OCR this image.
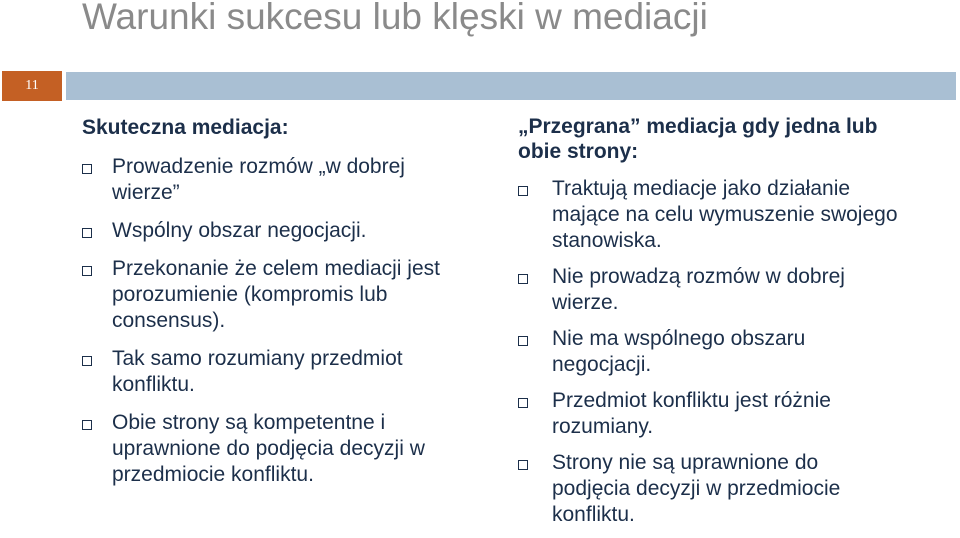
Warunki sukcesu lub klęski w mediacji
11
Skuteczna mediacja:
Prowadzenie rozmów „w dobrej wierze”
Wspólny obszar negocjacji.
Przekonanie że celem mediacji jest porozumienie (kompromis lub consensus).
Tak samo rozumiany przedmiot konfliktu.
Obie strony są kompetentne i uprawnione do podjęcia decyzji w przedmiocie konfliktu.
„Przegrana” mediacja gdy jedna lub obie strony:
Traktują mediacje jako działanie mające na celu wymuszenie swojego stanowiska.
Nie prowadzą rozmów w dobrej wierze.
Nie ma wspólnego obszaru negocjacji.
Przedmiot konfliktu jest różnie rozumiany.
Strony nie są uprawnione do podjęcia decyzji w przedmiocie konfliktu.
